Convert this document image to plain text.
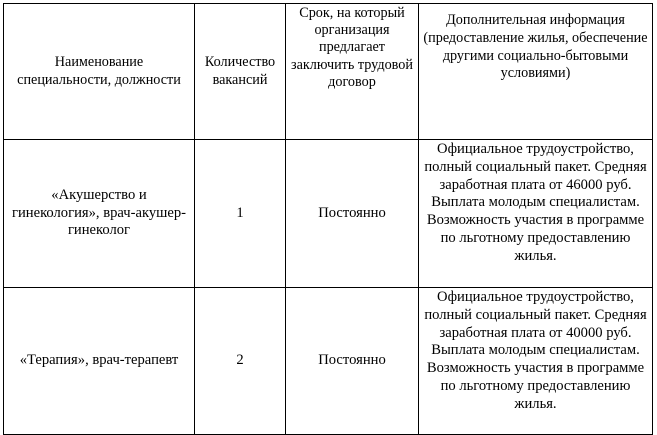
Наименование специальности, должности	Количество вакансий	Срок, на который организация предлагает заключить трудовой договор	Дополнительная информация (предоставление жилья, обеспечение другими социально-бытовыми условиями)
«Акушерство и гинекология», врач-акушер-гинеколог	1	Постоянно	Официальное трудоустройство, полный социальный пакет. Средняя заработная плата от 46000 руб. Выплата молодым специалистам. Возможность участия в программе по льготному предоставлению жилья.
«Терапия», врач-терапевт	2	Постоянно	Официальное трудоустройство, полный социальный пакет. Средняя заработная плата от 40000 руб. Выплата молодым специалистам. Возможность участия в программе по льготному предоставлению жилья.
